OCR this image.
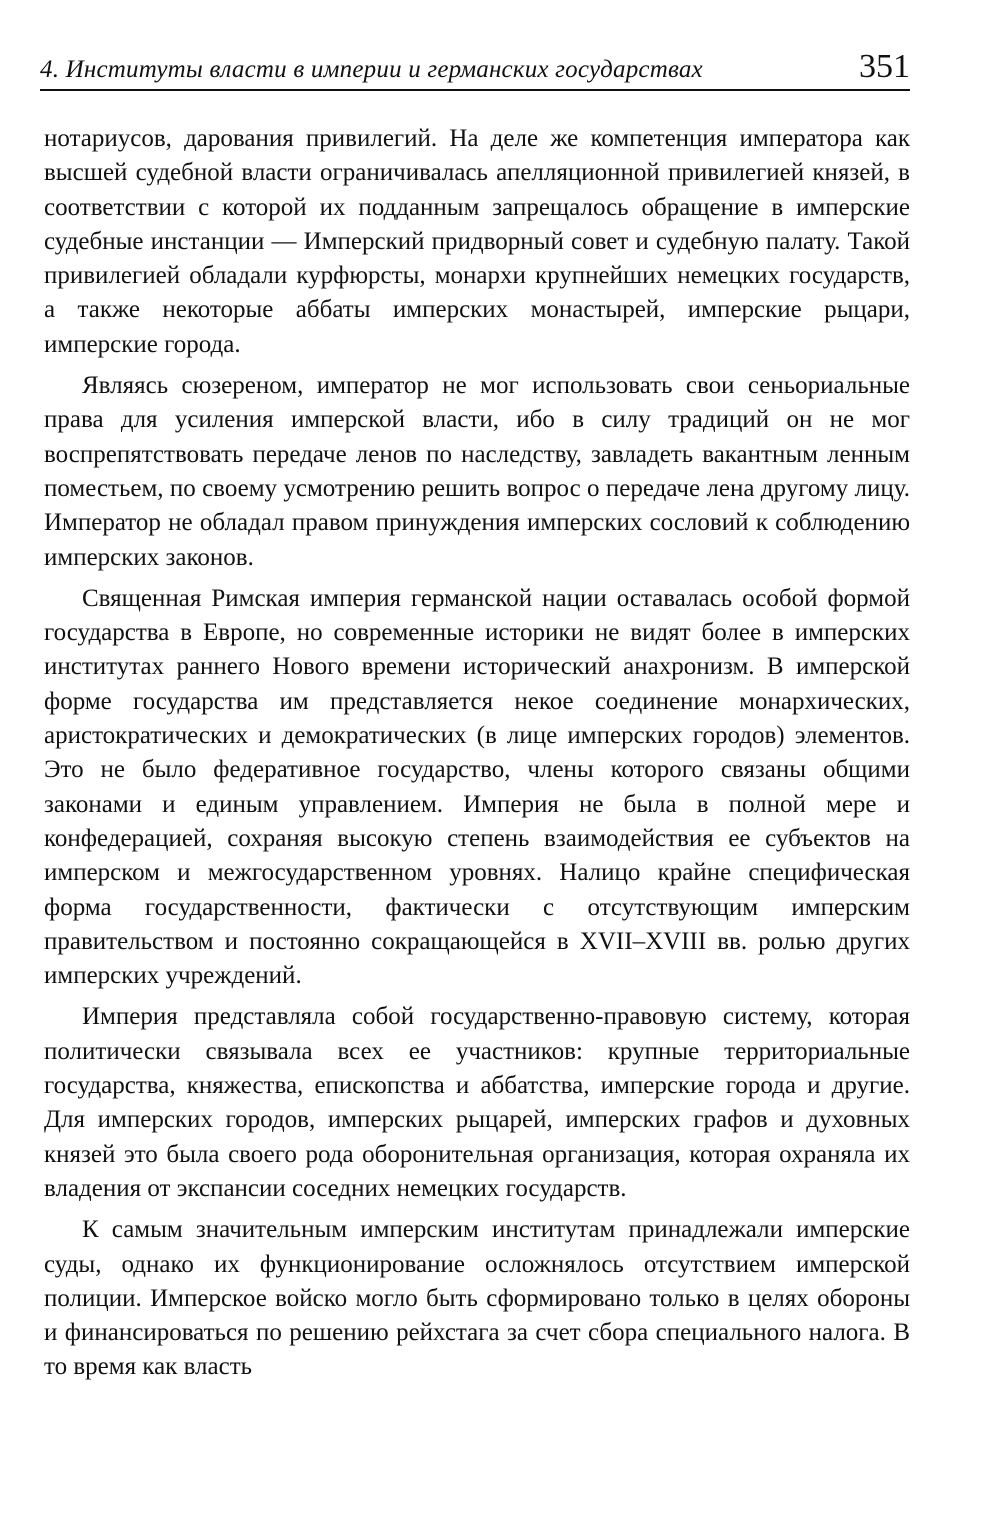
4. Институты власти в империи и германских государствах	351

нотариусов, дарования привилегий. На деле же компетенция императора как высшей судебной власти ограничивалась апелляционной привилегией князей, в соответствии с которой их подданным запрещалось обращение в имперские судебные инстанции — Имперский придворный совет и судебную палату. Такой привилегией обладали курфюрсты, монархи крупнейших немецких государств, а также некоторые аббаты имперских монастырей, имперские рыцари, имперские города.

Являясь сюзереном, император не мог использовать свои сеньориальные права для усиления имперской власти, ибо в силу традиций он не мог воспрепятствовать передаче ленов по наследству, завладеть вакантным ленным поместьем, по своему усмотрению решить вопрос о передаче лена другому лицу. Император не обладал правом принуждения имперских сословий к соблюдению имперских законов.

Священная Римская империя германской нации оставалась особой формой государства в Европе, но современные историки не видят более в имперских институтах раннего Нового времени исторический анахронизм. В имперской форме государства им представляется некое соединение монархических, аристократических и демократических (в лице имперских городов) элементов. Это не было федеративное государство, члены которого связаны общими законами и единым управлением. Империя не была в полной мере и конфедерацией, сохраняя высокую степень взаимодействия ее субъектов на имперском и межгосударственном уровнях. Налицо крайне специфическая форма государственности, фактически с отсутствующим имперским правительством и постоянно сокращающейся в XVII–XVIII вв. ролью других имперских учреждений.

Империя представляла собой государственно-правовую систему, которая политически связывала всех ее участников: крупные территориальные государства, княжества, епископства и аббатства, имперские города и другие. Для имперских городов, имперских рыцарей, имперских графов и духовных князей это была своего рода оборонительная организация, которая охраняла их владения от экспансии соседних немецких государств.

К самым значительным имперским институтам принадлежали имперские суды, однако их функционирование осложнялось отсутствием имперской полиции. Имперское войско могло быть сформировано только в целях обороны и финансироваться по решению рейхстага за счет сбора специального налога. В то время как власть
